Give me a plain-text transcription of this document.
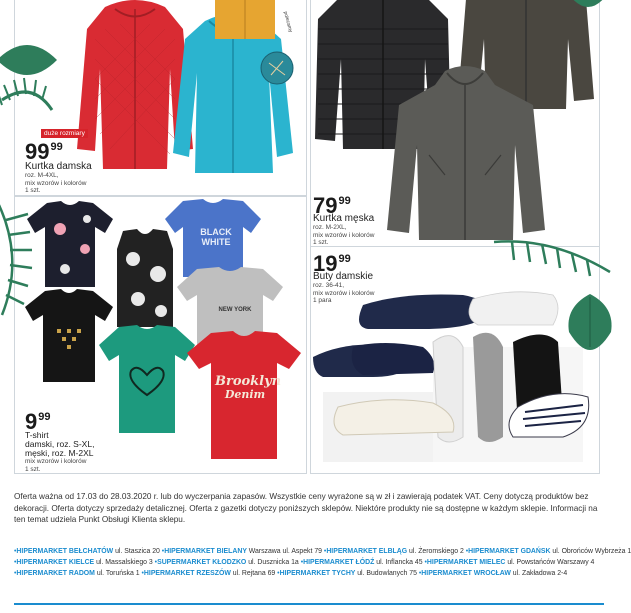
polecamy
duże rozmiary
$99^{99}$
Kurtka damska
roz. M-4XL,
mix wzorów i kolorów
1 szt.
$79^{99}$
Kurtka męska
roz. M-2XL,
mix wzorów i kolorów
1 szt.
BLACK WHITE
NEW YORK
Brooklyn
Denim
$9^{99}$
T-shirt
damski, roz. S-XL,
męski, roz. M-2XL
mix wzorów i kolorów
1 szt.
$19^{99}$
Buty damskie
roz. 36-41,
mix wzorów i kolorów
1 para
Oferta ważna od 17.03 do 28.03.2020 r. lub do wyczerpania zapasów. Wszystkie ceny wyrażone są w zł i zawierają podatek VAT. Ceny dotyczą produktów bez dekoracji. Oferta dotyczy sprzedaży detalicznej. Oferta z gazetki dotyczy poniższych sklepów. Niektóre produkty nie są dostępne w każdym sklepie. Informacji na ten temat udziela Punkt Obsługi Klienta sklepu.
•HIPERMARKET BEŁCHATÓW ul. Staszica 20 •HIPERMARKET BIELANY Warszawa ul. Aspekt 79 •HIPERMARKET ELBLĄG ul. Żeromskiego 2 •HIPERMARKET GDAŃSK ul. Obrońców Wybrzeża 1
•HIPERMARKET KIELCE ul. Massalskiego 3 •SUPERMARKET KŁODZKO ul. Dusznicka 1a •HIPERMARKET ŁÓDŹ ul. Inflancka 45 •HIPERMARKET MIELEC ul. Powstańców Warszawy 4
•HIPERMARKET RADOM ul. Toruńska 1 •HIPERMARKET RZESZÓW ul. Rejtana 69 •HIPERMARKET TYCHY ul. Budowlanych 75 •HIPERMARKET WROCŁAW ul. Zakładowa 2-4
